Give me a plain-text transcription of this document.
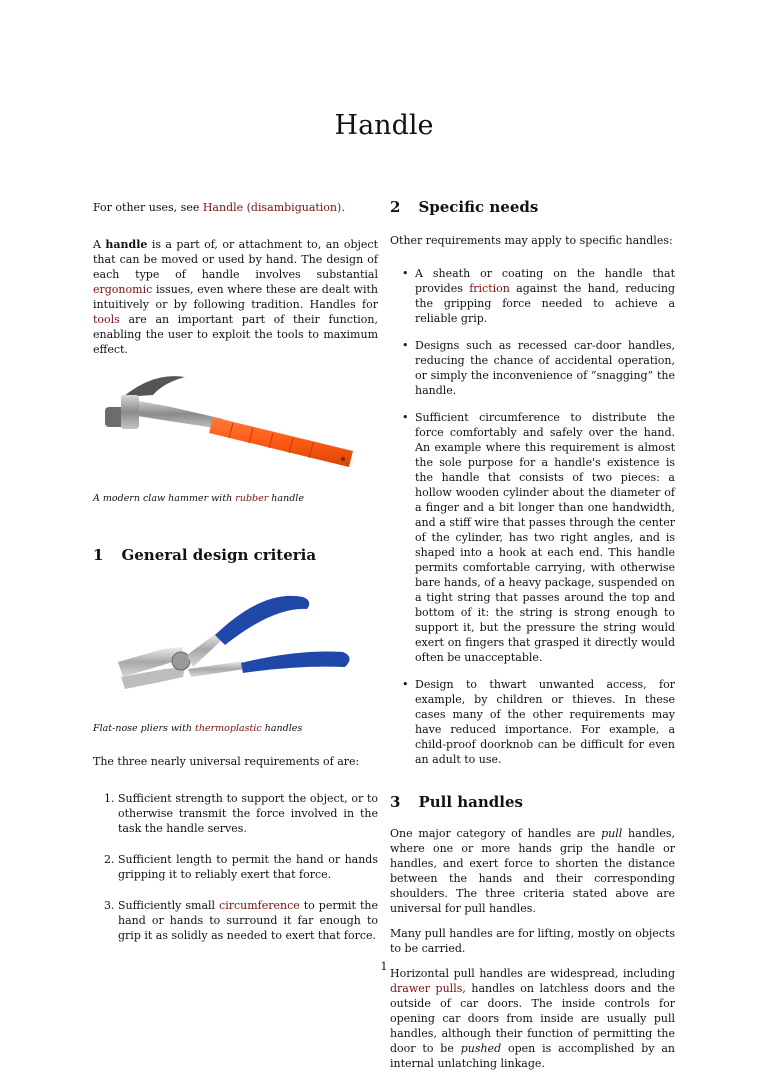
Handle

For other uses, see Handle (disambiguation).

A handle is a part of, or attachment to, an object that can be moved or used by hand. The design of each type of handle involves substantial ergonomic issues, even where these are dealt with intuitively or by following tradition. Handles for tools are an important part of their function, enabling the user to exploit the tools to maximum effect.

A modern claw hammer with rubber handle

1 General design criteria

Flat-nose pliers with thermoplastic handles

The three nearly universal requirements of are:

1. Sufficient strength to support the object, or to otherwise transmit the force involved in the task the handle serves.
2. Sufficient length to permit the hand or hands gripping it to reliably exert that force.
3. Sufficiently small circumference to permit the hand or hands to surround it far enough to grip it as solidly as needed to exert that force.
2 Specific needs

Other requirements may apply to specific handles:

• A sheath or coating on the handle that provides friction against the hand, reducing the gripping force needed to achieve a reliable grip.
• Designs such as recessed car-door handles, reducing the chance of accidental operation, or simply the inconvenience of “snagging” the handle.
• Sufficient circumference to distribute the force comfortably and safely over the hand. An example where this requirement is almost the sole purpose for a handle's existence is the handle that consists of two pieces: a hollow wooden cylinder about the diameter of a finger and a bit longer than one handwidth, and a stiff wire that passes through the center of the cylinder, has two right angles, and is shaped into a hook at each end. This handle permits comfortable carrying, with otherwise bare hands, of a heavy package, suspended on a tight string that passes around the top and bottom of it: the string is strong enough to support it, but the pressure the string would exert on fingers that grasped it directly would often be unacceptable.
• Design to thwart unwanted access, for example, by children or thieves. In these cases many of the other requirements may have reduced importance. For example, a child-proof doorknob can be difficult for even an adult to use.
3 Pull handles

One major category of handles are pull handles, where one or more hands grip the handle or handles, and exert force to shorten the distance between the hands and their corresponding shoulders. The three criteria stated above are universal for pull handles.

Many pull handles are for lifting, mostly on objects to be carried.

Horizontal pull handles are widespread, including drawer pulls, handles on latchless doors and the outside of car doors. The inside controls for opening car doors from inside are usually pull handles, although their function of permitting the door to be pushed open is accomplished by an internal unlatching linkage.

1
